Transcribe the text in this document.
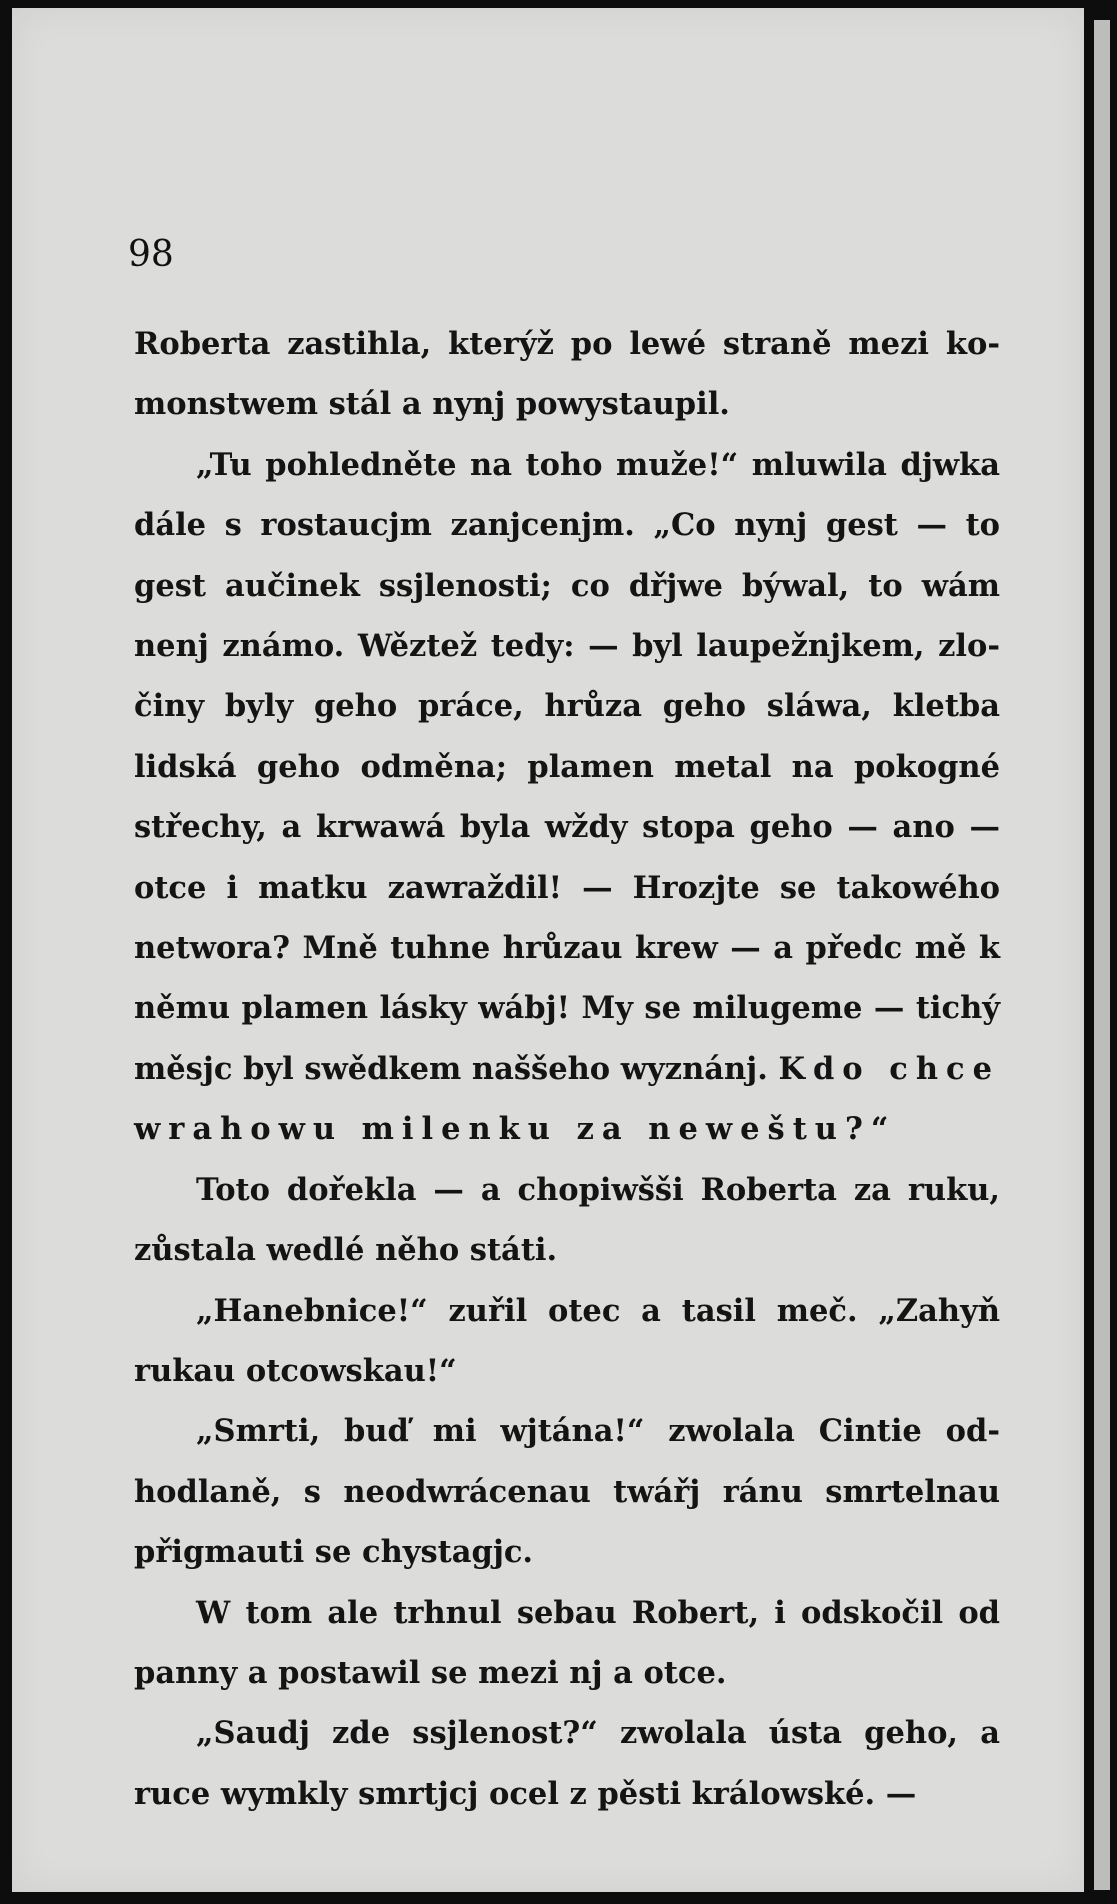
98

Roberta zastihla, kterýž po lewé straně mezi komonstwem stál a nynj powystaupil.

„Tu pohledněte na toho muže!“ mluwila djwka dále s rostaucjm zanjcenjm. „Co nynj gest — to gest aučinek ssjlenosti; co dřjwe býwal, to wám nenj známo. Wěztež tedy: — byl laupežnjkem, zločiny byly geho práce, hrůza geho sláwa, kletba lidská geho odměna; plamen metal na pokogné střechy, a krwawá byla wždy stopa geho — ano — otce i matku zawraždil! — Hrozjte se takowého networa? Mně tuhne hrůzau krew — a předc mě k němu plamen lásky wábj! My se milugeme — tichý měsjc byl swědkem naššeho wyznánj. Kdo chce wrahowu milenku za neweštu?“

Toto dořekla — a chopiwšši Roberta za ruku, zůstala wedlé něho státi.

„Hanebnice!“ zuřil otec a tasil meč. „Zahyň rukau otcowskau!“

„Smrti, buď mi wjtána!“ zwolala Cintie odhodlaně, s neodwrácenau twářj ránu smrtelnau přigmauti se chystagjc.

W tom ale trhnul sebau Robert, i odskočil od panny a postawil se mezi nj a otce.

„Saudj zde ssjlenost?“ zwolala ústa geho, a ruce wymkly smrtjcj ocel z pěsti králowské. —
